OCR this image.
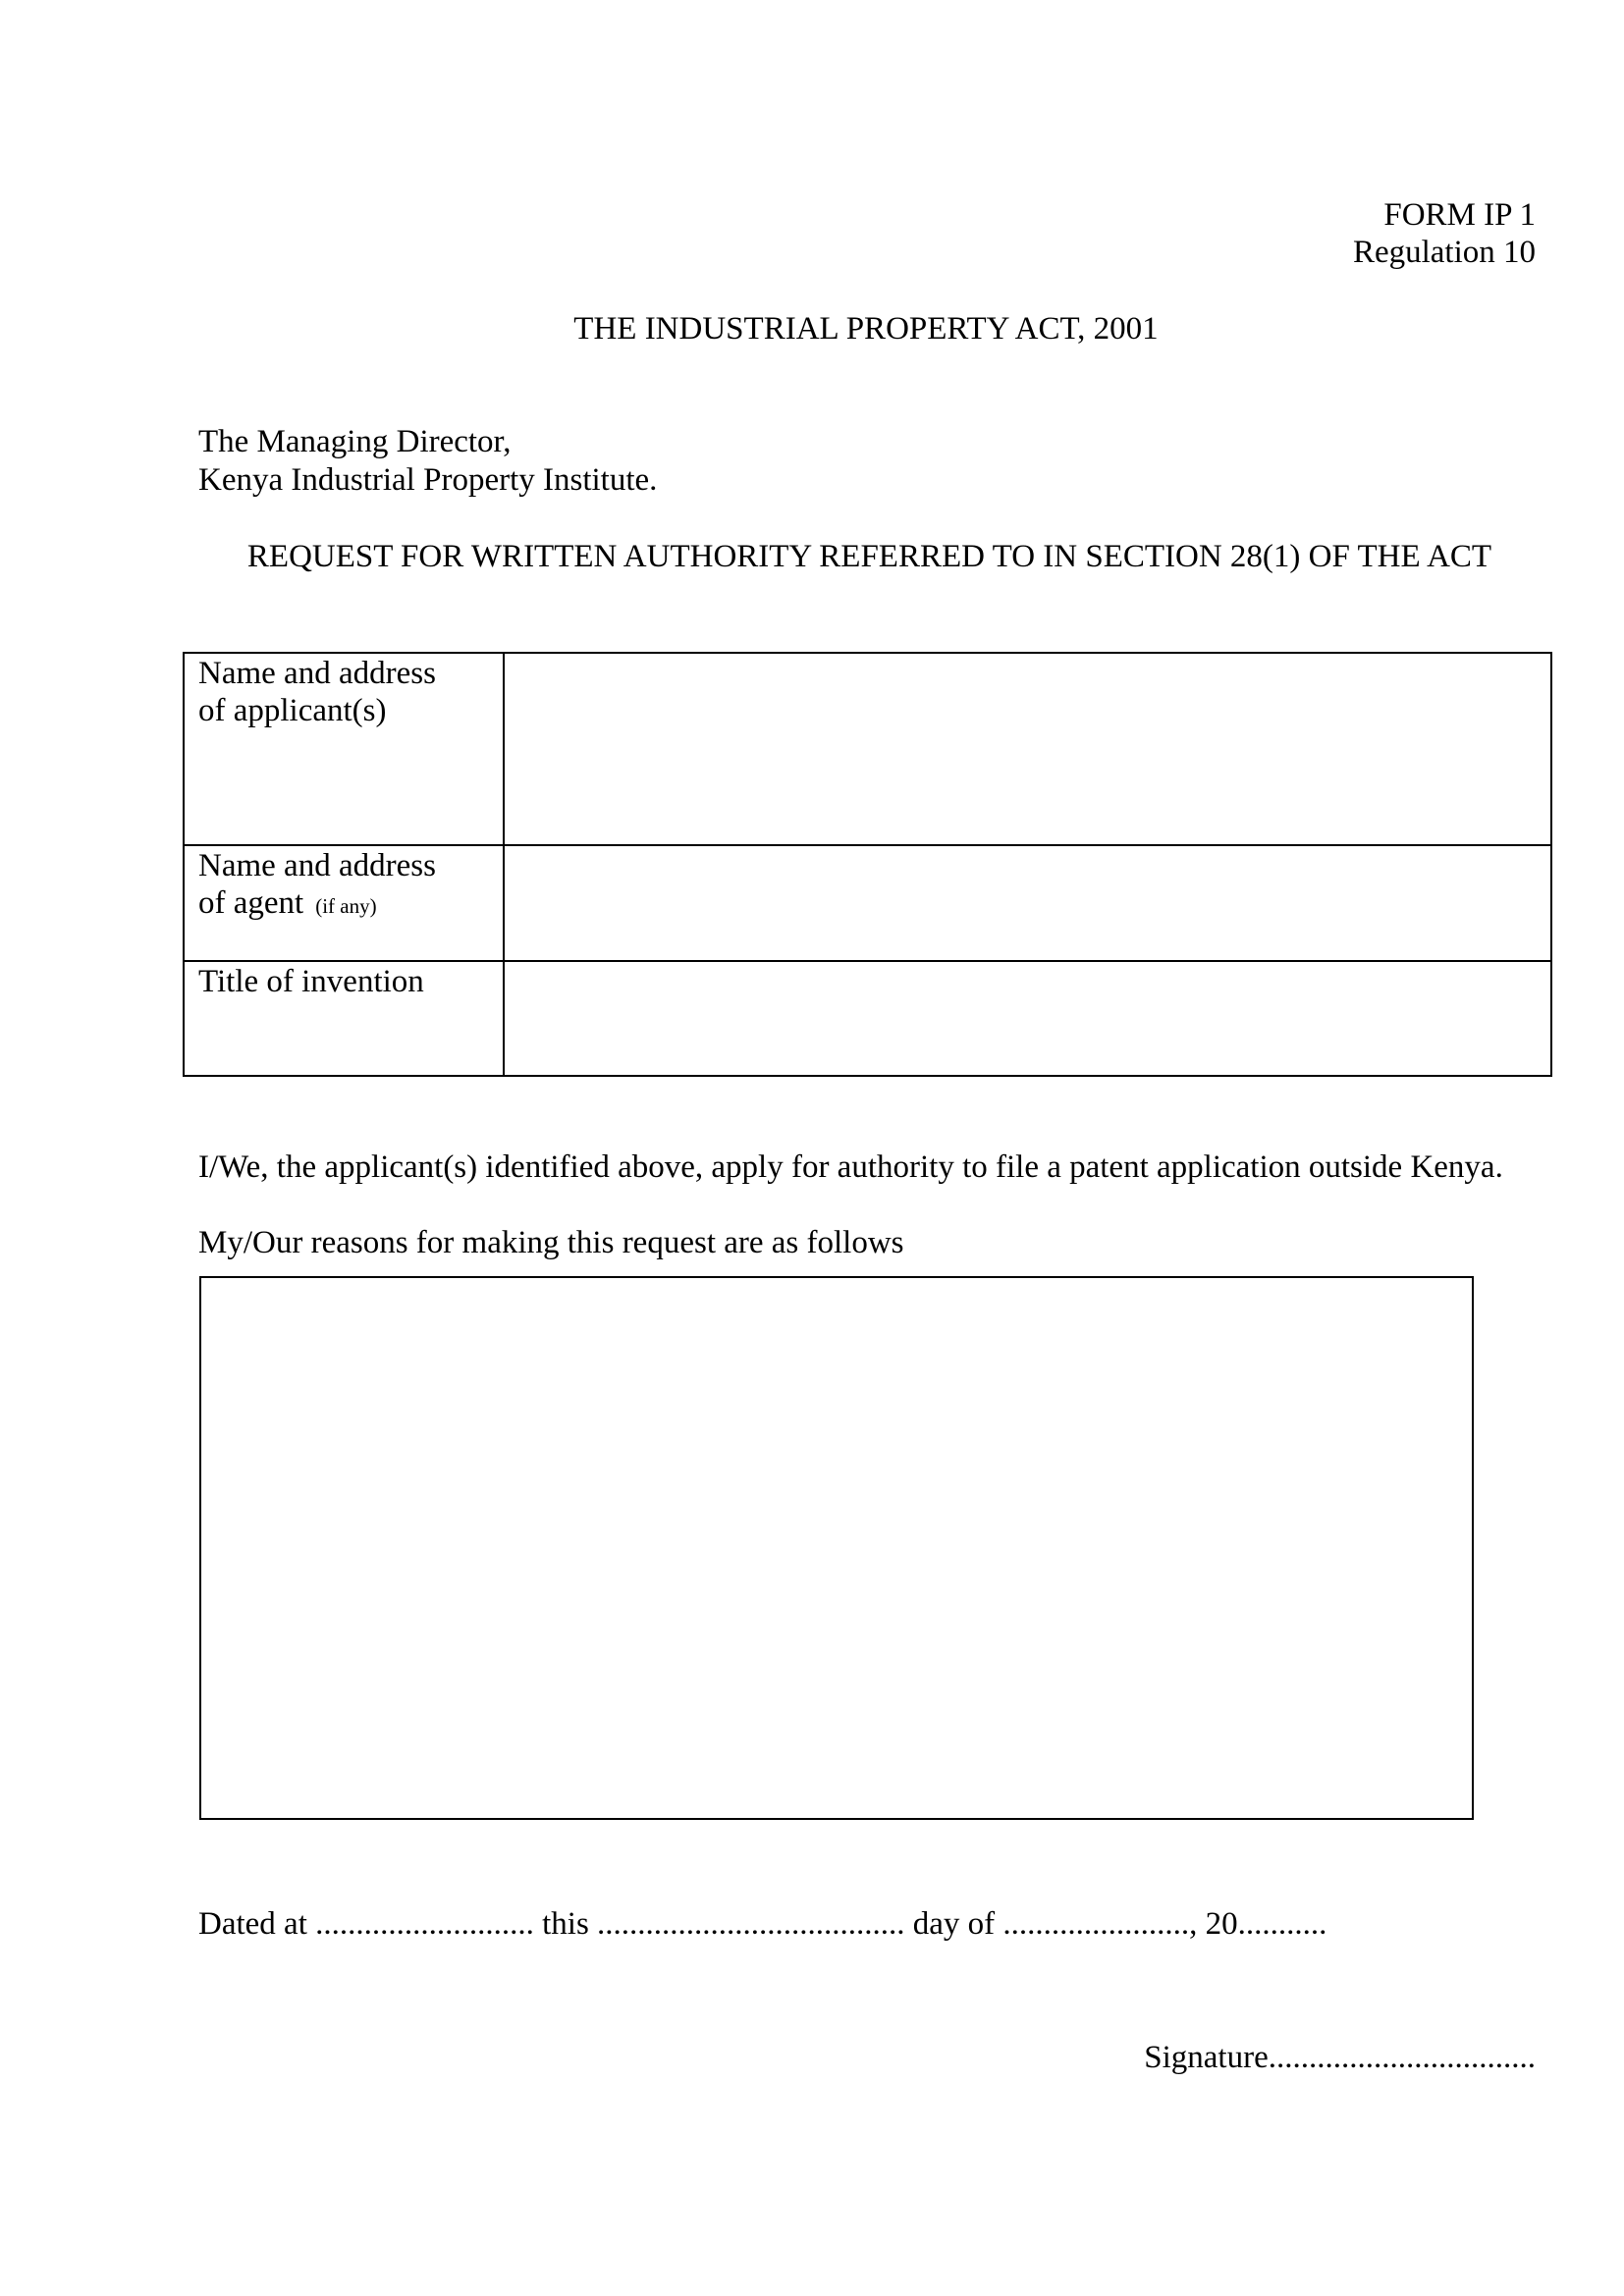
FORM IP 1
Regulation 10
THE INDUSTRIAL PROPERTY ACT, 2001
The Managing Director,
Kenya Industrial Property Institute.
REQUEST FOR WRITTEN AUTHORITY REFERRED TO IN SECTION 28(1) OF THE ACT
Name and address
of applicant(s)	
Name and address
of agent (if any)	
Title of invention	
I/We, the applicant(s) identified above, apply for authority to file a patent application outside Kenya.
My/Our reasons for making this request are as follows
Dated at ........................... this ...................................... day of ......................., 20...........
Signature.................................
